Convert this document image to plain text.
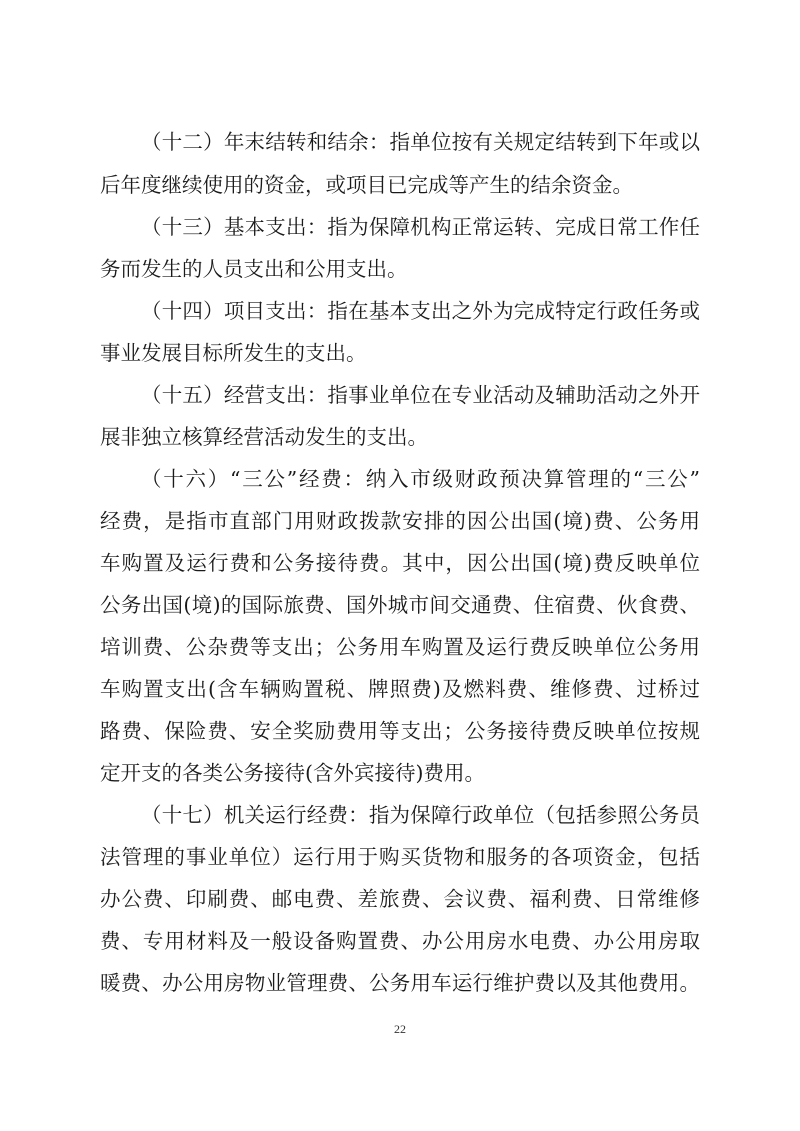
（十二）年末结转和结余：指单位按有关规定结转到下年或以
后年度继续使用的资金，或项目已完成等产生的结余资金。
（十三）基本支出：指为保障机构正常运转、完成日常工作任
务而发生的人员支出和公用支出。
（十四）项目支出：指在基本支出之外为完成特定行政任务或
事业发展目标所发生的支出。
（十五）经营支出：指事业单位在专业活动及辅助活动之外开
展非独立核算经营活动发生的支出。
（十六）“三公”经费：纳入市级财政预决算管理的“三公”
经费，是指市直部门用财政拨款安排的因公出国(境)费、公务用
车购置及运行费和公务接待费。其中，因公出国(境)费反映单位
公务出国(境)的国际旅费、国外城市间交通费、住宿费、伙食费、
培训费、公杂费等支出；公务用车购置及运行费反映单位公务用
车购置支出(含车辆购置税、牌照费)及燃料费、维修费、过桥过
路费、保险费、安全奖励费用等支出；公务接待费反映单位按规
定开支的各类公务接待(含外宾接待)费用。
（十七）机关运行经费：指为保障行政单位（包括参照公务员
法管理的事业单位）运行用于购买货物和服务的各项资金，包括
办公费、印刷费、邮电费、差旅费、会议费、福利费、日常维修
费、专用材料及一般设备购置费、办公用房水电费、办公用房取
暖费、办公用房物业管理费、公务用车运行维护费以及其他费用。
22
